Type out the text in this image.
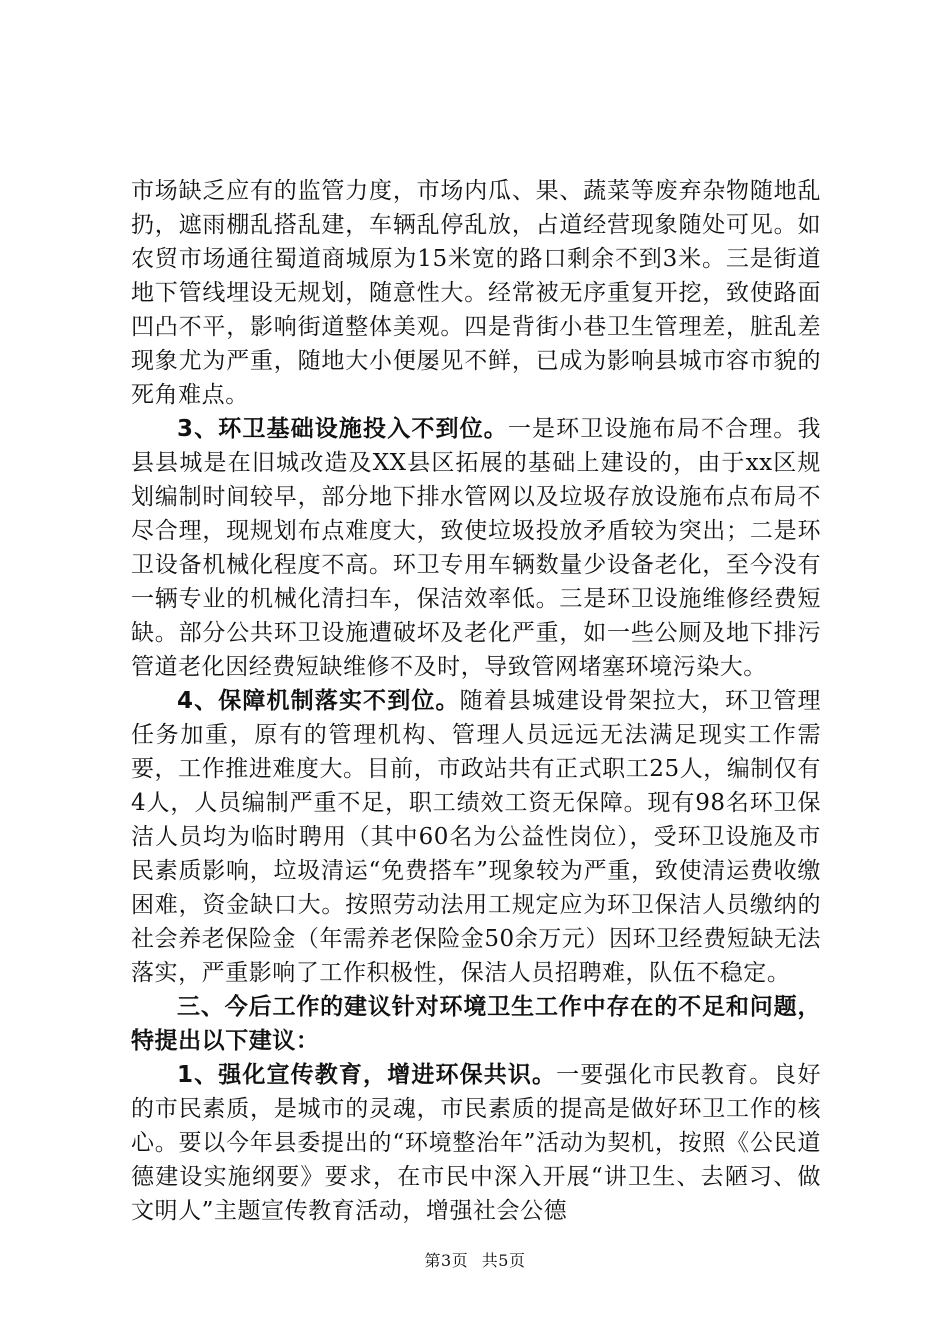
市场缺乏应有的监管力度，市场内瓜、果、蔬菜等废弃杂物随地乱扔，遮雨棚乱搭乱建，车辆乱停乱放，占道经营现象随处可见。如农贸市场通往蜀道商城原为15米宽的路口剩余不到3米。三是街道地下管线埋设无规划，随意性大。经常被无序重复开挖，致使路面凹凸不平，影响街道整体美观。四是背街小巷卫生管理差，脏乱差现象尤为严重，随地大小便屡见不鲜，已成为影响县城市容市貌的死角难点。

3、环卫基础设施投入不到位。一是环卫设施布局不合理。我县县城是在旧城改造及XX县区拓展的基础上建设的，由于xx区规划编制时间较早，部分地下排水管网以及垃圾存放设施布点布局不尽合理，现规划布点难度大，致使垃圾投放矛盾较为突出；二是环卫设备机械化程度不高。环卫专用车辆数量少设备老化，至今没有一辆专业的机械化清扫车，保洁效率低。三是环卫设施维修经费短缺。部分公共环卫设施遭破坏及老化严重，如一些公厕及地下排污管道老化因经费短缺维修不及时，导致管网堵塞环境污染大。

4、保障机制落实不到位。随着县城建设骨架拉大，环卫管理任务加重，原有的管理机构、管理人员远远无法满足现实工作需要，工作推进难度大。目前，市政站共有正式职工25人，编制仅有4人，人员编制严重不足，职工绩效工资无保障。现有98名环卫保洁人员均为临时聘用（其中60名为公益性岗位），受环卫设施及市民素质影响，垃圾清运“免费搭车”现象较为严重，致使清运费收缴困难，资金缺口大。按照劳动法用工规定应为环卫保洁人员缴纳的社会养老保险金（年需养老保险金50余万元）因环卫经费短缺无法落实，严重影响了工作积极性，保洁人员招聘难，队伍不稳定。

三、今后工作的建议针对环境卫生工作中存在的不足和问题，特提出以下建议：

1、强化宣传教育，增进环保共识。一要强化市民教育。良好的市民素质，是城市的灵魂，市民素质的提高是做好环卫工作的核心。要以今年县委提出的“环境整治年”活动为契机，按照《公民道德建设实施纲要》要求，在市民中深入开展“讲卫生、去陋习、做文明人”主题宣传教育活动，增强社会公德

第3页 共5页
